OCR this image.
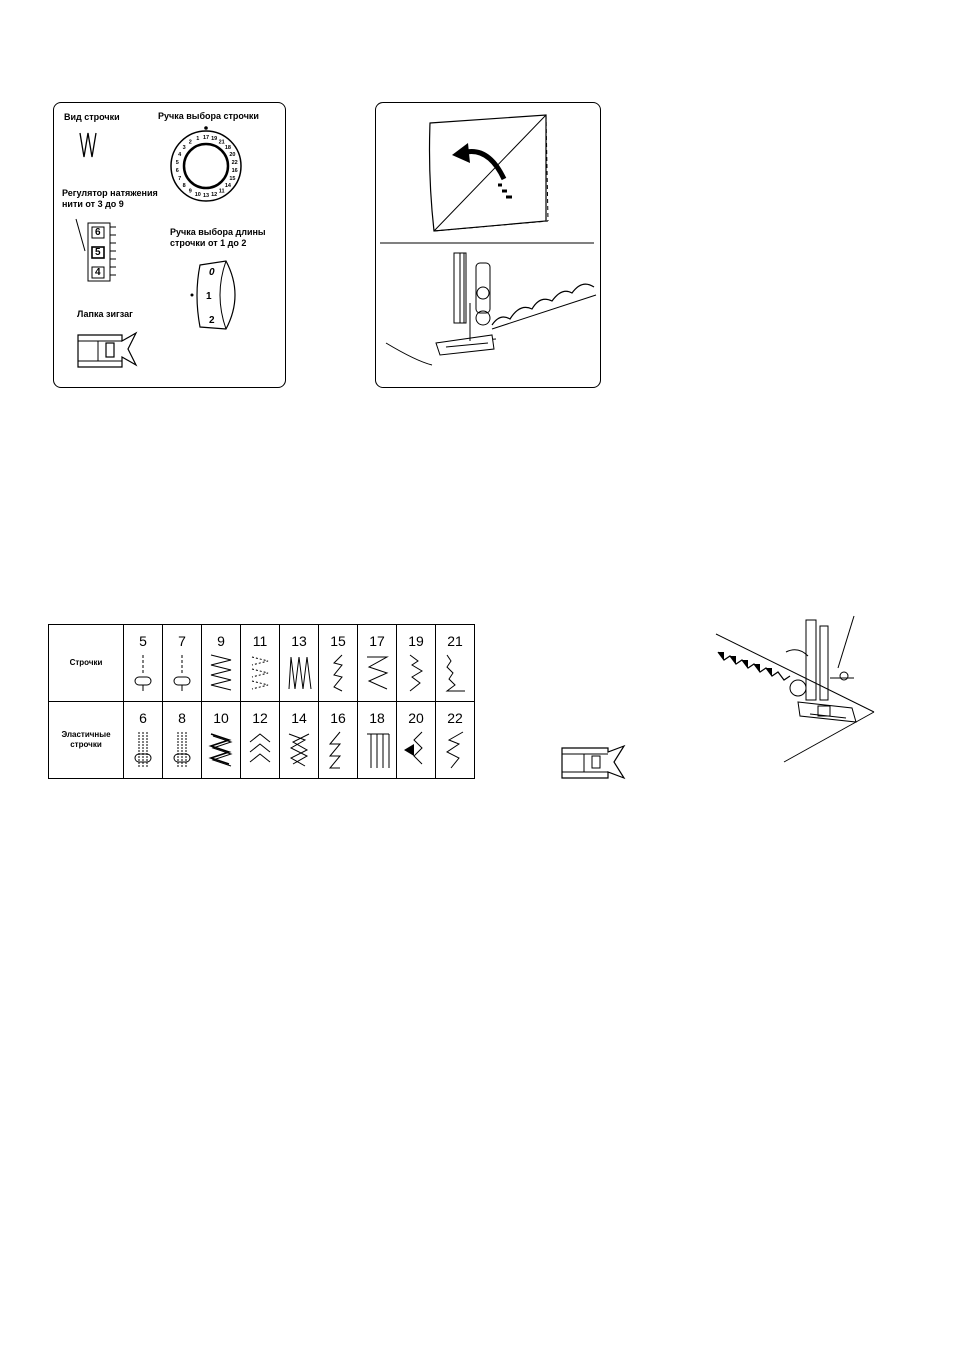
Вид строчки	Ручка выбора строчки
17 19
21
18
20
22
16
15
14
11
12
13
10
9
8
7
6
5
4
3
2
1
Регулятор натяжения
нити от 3 до 9
6
5
4
Ручка выбора длины
строчки от 1 до 2
0
1
2
Лапка зигзаг
Строчки	5	7	9	11	13	15	17	19	21

Эластичные
строчки	6	8	10	12	14	16	18	20	22
